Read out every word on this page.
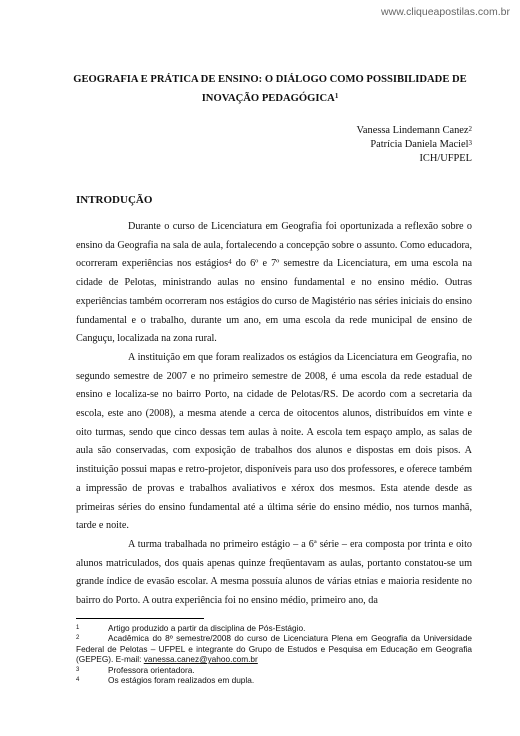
www.cliqueapostilas.com.br
GEOGRAFIA E PRÁTICA DE ENSINO: O DIÁLOGO COMO POSSIBILIDADE DE
INOVAÇÃO PEDAGÓGICA$^1$
Vanessa Lindemann Canez$^2$
Patrícia Daniela Maciel$^3$
ICH/UFPEL
INTRODUÇÃO

Durante o curso de Licenciatura em Geografia foi oportunizada a reflexão sobre o ensino da Geografia na sala de aula, fortalecendo a concepção sobre o assunto. Como educadora, ocorreram experiências nos estágios$^4$ do 6º e 7º semestre da Licenciatura, em uma escola na cidade de Pelotas, ministrando aulas no ensino fundamental e no ensino médio. Outras experiências também ocorreram nos estágios do curso de Magistério nas séries iniciais do ensino fundamental e o trabalho, durante um ano, em uma escola da rede municipal de ensino de Canguçu, localizada na zona rural.

A instituição em que foram realizados os estágios da Licenciatura em Geografia, no segundo semestre de 2007 e no primeiro semestre de 2008, é uma escola da rede estadual de ensino e localiza-se no bairro Porto, na cidade de Pelotas/RS. De acordo com a secretaria da escola, este ano (2008), a mesma atende a cerca de oitocentos alunos, distribuídos em vinte e oito turmas, sendo que cinco dessas tem aulas à noite. A escola tem espaço amplo, as salas de aula são conservadas, com exposição de trabalhos dos alunos e dispostas em dois pisos. A instituição possui mapas e retro-projetor, disponíveis para uso dos professores, e oferece também a impressão de provas e trabalhos avaliativos e xérox dos mesmos. Esta atende desde as primeiras séries do ensino fundamental até a última série do ensino médio, nos turnos manhã, tarde e noite.

A turma trabalhada no primeiro estágio – a 6ª série – era composta por trinta e oito alunos matriculados, dos quais apenas quinze freqüentavam as aulas, portanto constatou-se um grande índice de evasão escolar. A mesma possuía alunos de várias etnias e maioria residente no bairro do Porto. A outra experiência foi no ensino médio, primeiro ano, da

1	Artigo produzido a partir da disciplina de Pós-Estágio.
2	Acadêmica do 8º semestre/2008 do curso de Licenciatura Plena em Geografia da Universidade Federal de Pelotas – UFPEL e integrante do Grupo de Estudos e Pesquisa em Educação em Geografia (GEPEG). E-mail: vanessa.canez@yahoo.com.br
3	Professora orientadora.
4	Os estágios foram realizados em dupla.
